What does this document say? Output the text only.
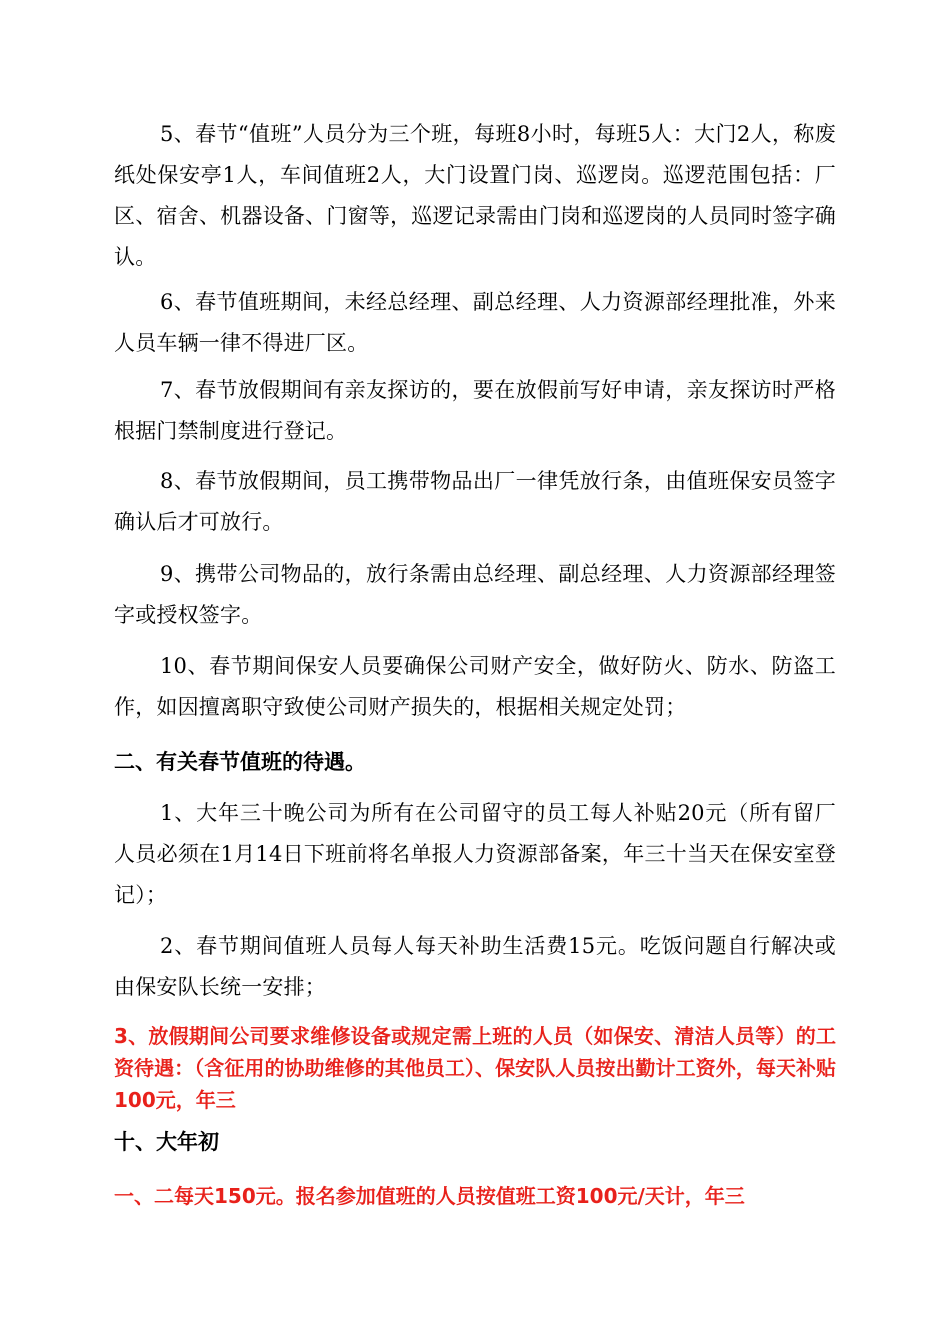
5、春节“值班”人员分为三个班，每班8小时，每班5人：大门2人，称废纸处保安亭1人，车间值班2人，大门设置门岗、巡逻岗。巡逻范围包括：厂区、宿舍、机器设备、门窗等，巡逻记录需由门岗和巡逻岗的人员同时签字确认。

6、春节值班期间，未经总经理、副总经理、人力资源部经理批准，外来人员车辆一律不得进厂区。

7、春节放假期间有亲友探访的，要在放假前写好申请，亲友探访时严格根据门禁制度进行登记。

8、春节放假期间，员工携带物品出厂一律凭放行条，由值班保安员签字确认后才可放行。

9、携带公司物品的，放行条需由总经理、副总经理、人力资源部经理签字或授权签字。

10、春节期间保安人员要确保公司财产安全，做好防火、防水、防盗工作，如因擅离职守致使公司财产损失的，根据相关规定处罚；

二、有关春节值班的待遇。

1、大年三十晚公司为所有在公司留守的员工每人补贴20元（所有留厂人员必须在1月14日下班前将名单报人力资源部备案，年三十当天在保安室登记）；

2、春节期间值班人员每人每天补助生活费15元。吃饭问题自行解决或由保安队长统一安排；

3、放假期间公司要求维修设备或规定需上班的人员（如保安、清洁人员等）的工资待遇：（含征用的协助维修的其他员工）、保安队人员按出勤计工资外，每天补贴100元，年三

十、大年初

一、二每天150元。报名参加值班的人员按值班工资100元/天计，年三
